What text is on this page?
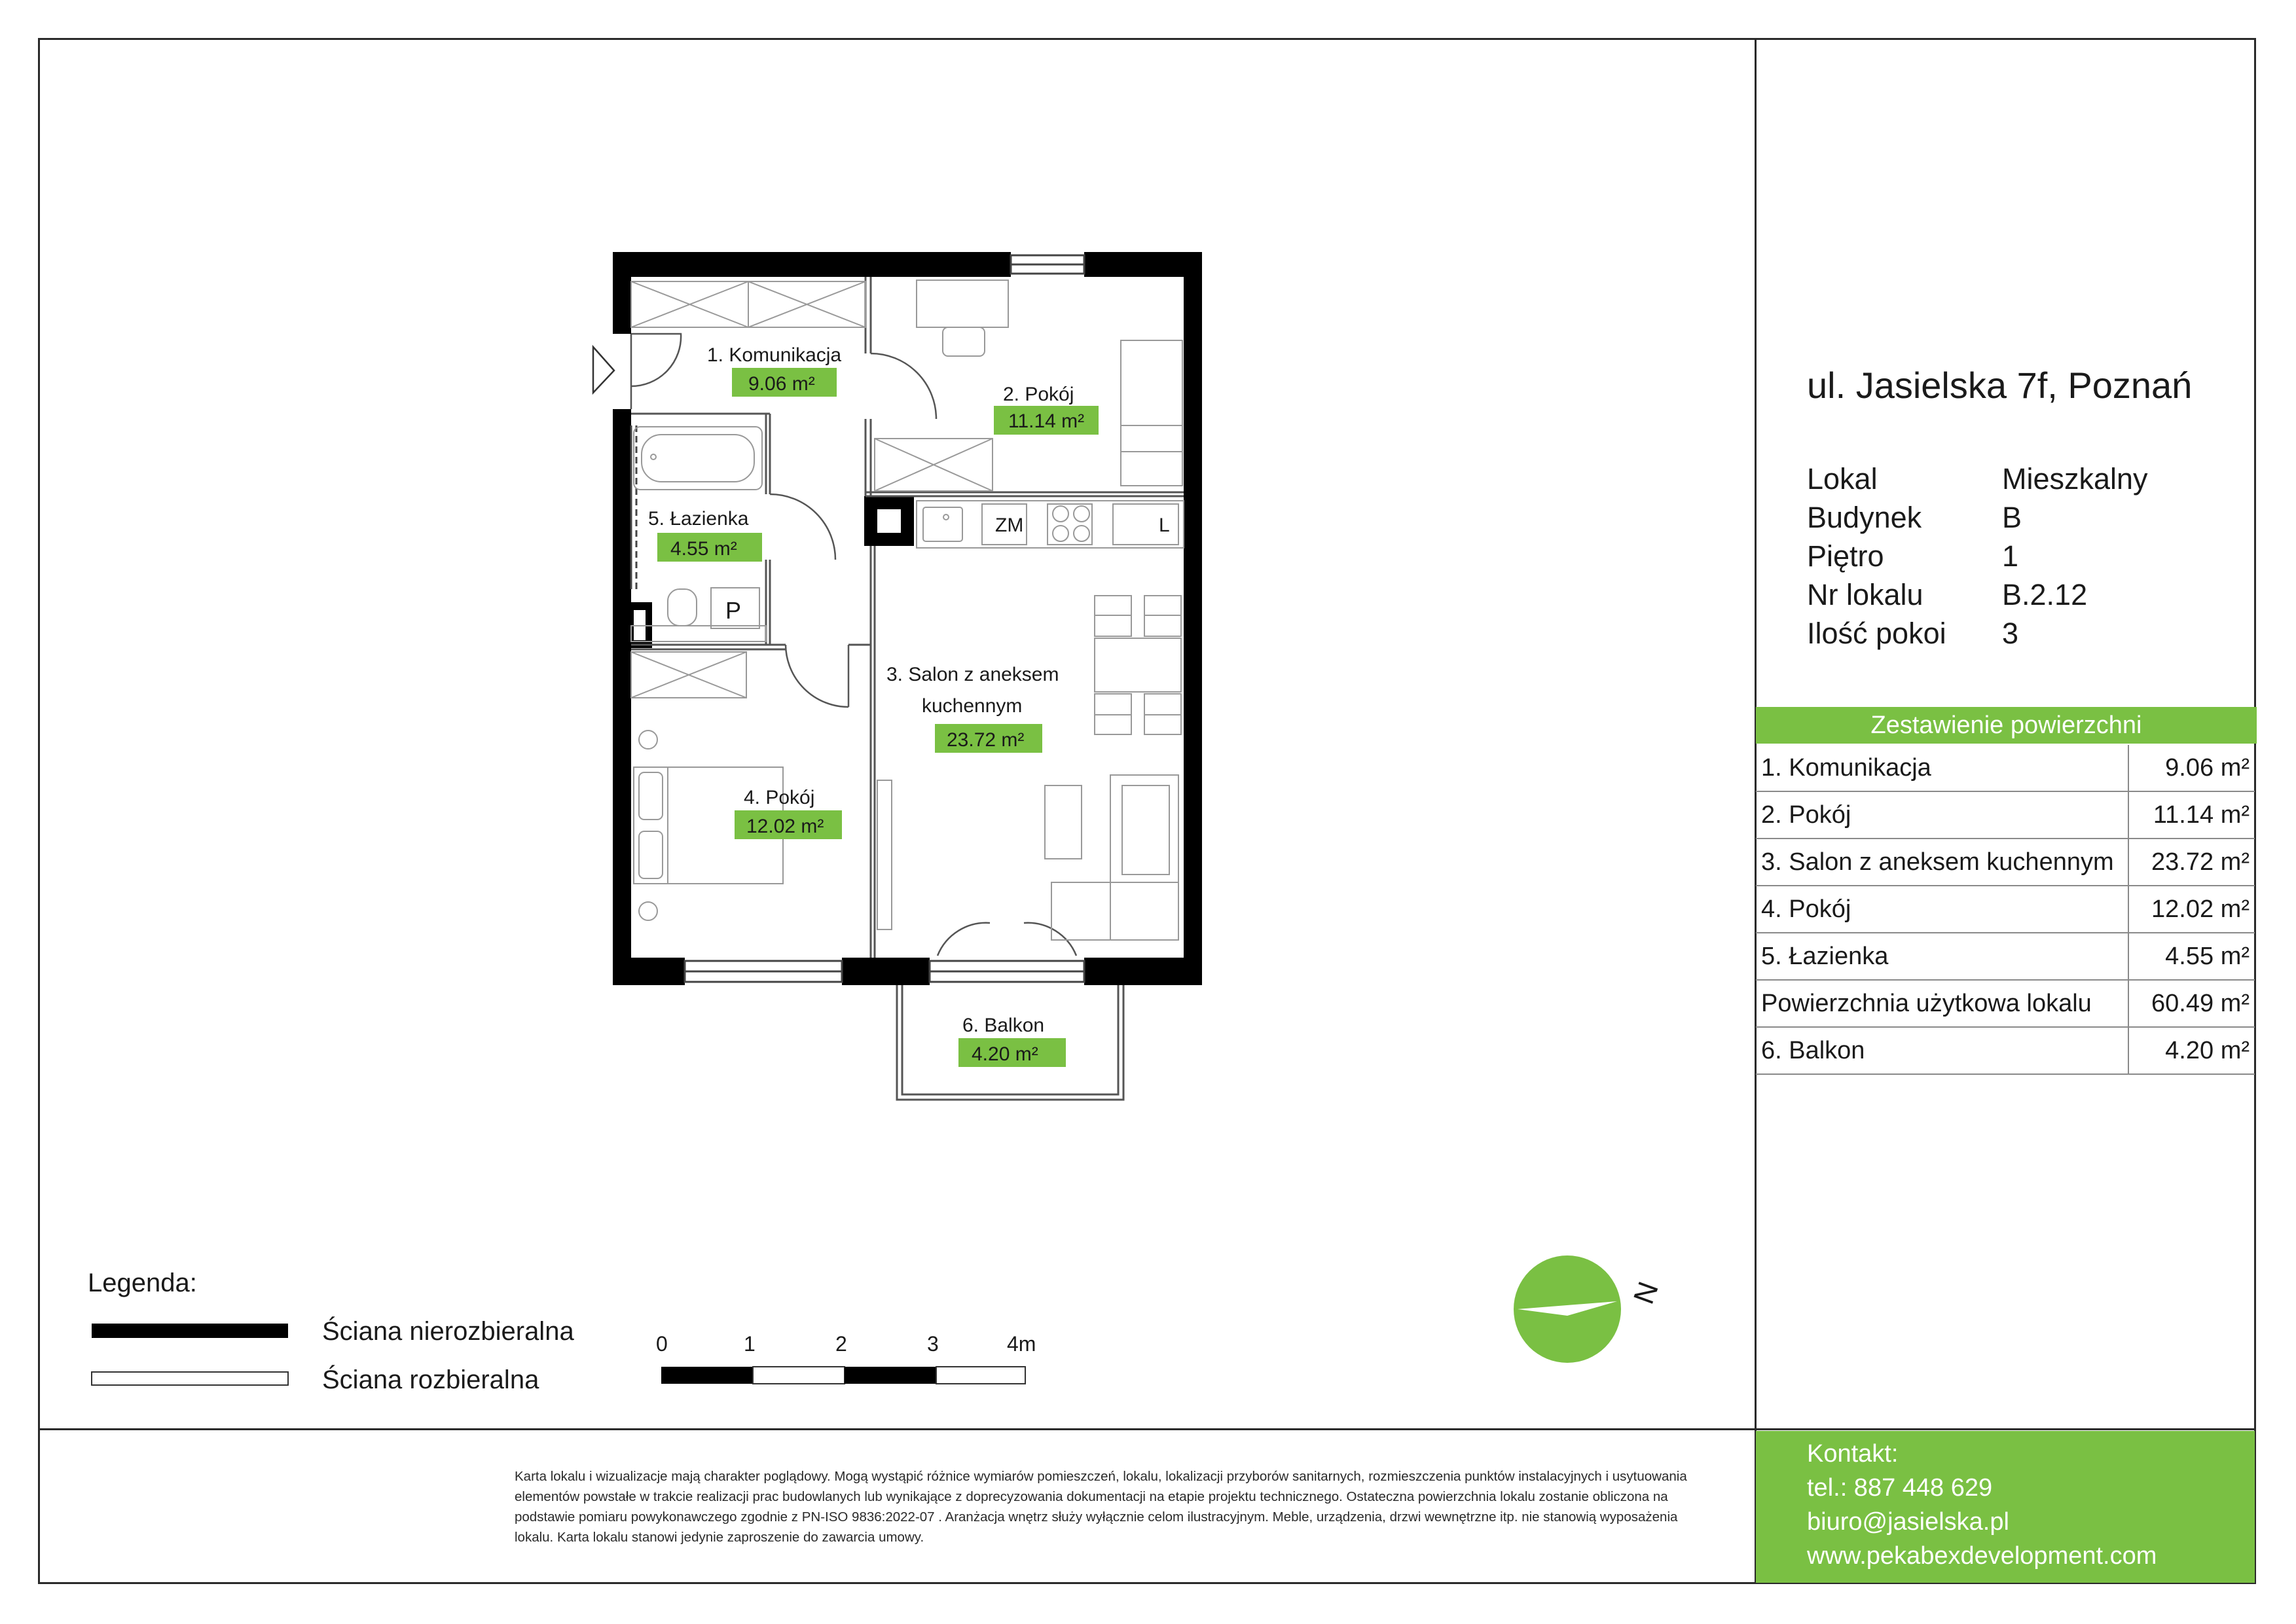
ZM	L
P
1. Komunikacja
9.06 m²	2. Pokój
11.14 m²
5. Łazienka
4.55 m²
3. Salon z aneksem
kuchennym
23.72 m²
4. Pokój
12.02 m²
6. Balkon
4.20 m²
0	1	2	3	4m
N
Legenda:
Ściana nierozbieralna
Ściana rozbieralna
ul. Jasielska 7f, Poznań
Lokal	Mieszkalny
Budynek	B
Piętro	1
Nr lokalu	B.2.12
Ilość pokoi 3
Zestawienie powierzchni
1. Komunikacja	9.06 m²
2. Pokój	11.14 m²
3. Salon z aneksem kuchennym	23.72 m²
4. Pokój	12.02 m²
5. Łazienka	4.55 m²
Powierzchnia użytkowa lokalu	60.49 m²
6. Balkon	4.20 m²
Karta lokalu i wizualizacje mają charakter poglądowy. Mogą wystąpić różnice wymiarów pomieszczeń, lokalu, lokalizacji przyborów sanitarnych, rozmieszczenia punktów instalacyjnych i usytuowania elementów powstałe w trakcie realizacji prac budowlanych lub wynikające z doprecyzowania dokumentacji na etapie projektu technicznego. Ostateczna powierzchnia lokalu zostanie obliczona na podstawie pomiaru powykonawczego zgodnie z PN-ISO 9836:2022-07 . Aranżacja wnętrz służy wyłącznie celom ilustracyjnym. Meble, urządzenia, drzwi wewnętrzne itp. nie stanowią wyposażenia lokalu. Karta lokalu stanowi jedynie zaproszenie do zawarcia umowy.
Kontakt:
tel.: 887 448 629
biuro@jasielska.pl
www.pekabexdevelopment.com
